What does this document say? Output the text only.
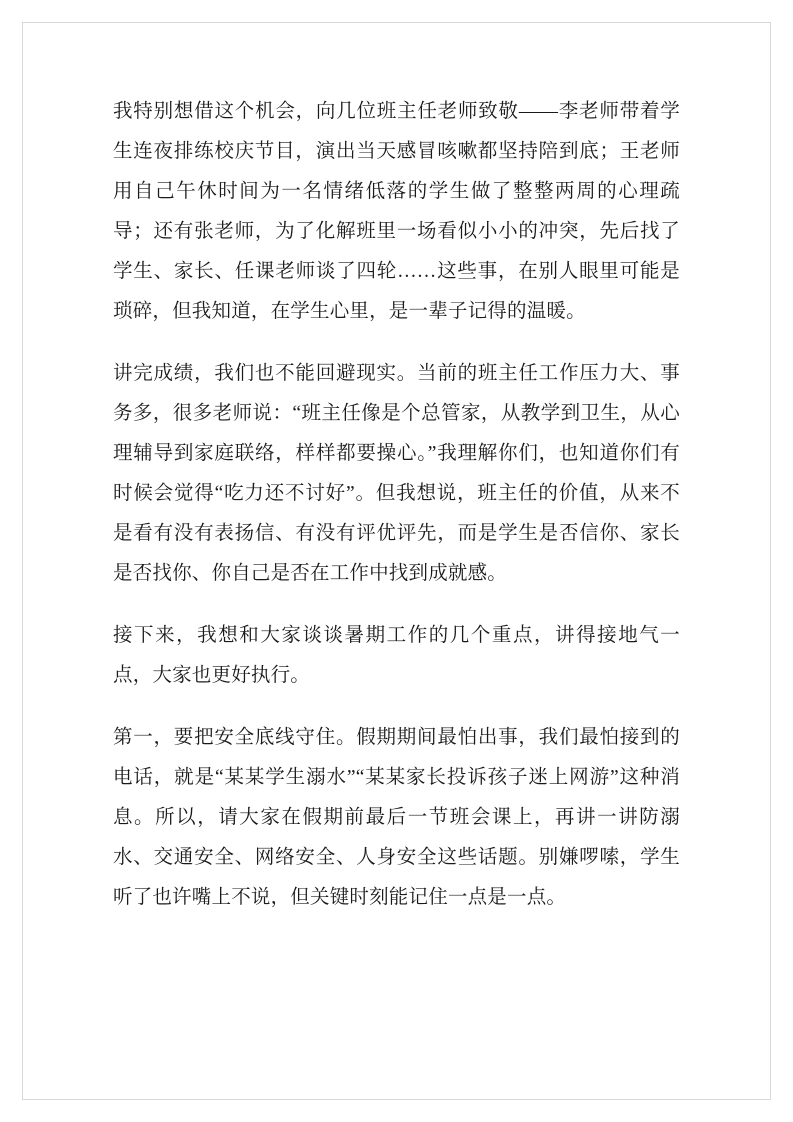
我特别想借这个机会，向几位班主任老师致敬——李老师带着学生连夜排练校庆节目，演出当天感冒咳嗽都坚持陪到底；王老师用自己午休时间为一名情绪低落的学生做了整整两周的心理疏导；还有张老师，为了化解班里一场看似小小的冲突，先后找了学生、家长、任课老师谈了四轮……这些事，在别人眼里可能是琐碎，但我知道，在学生心里，是一辈子记得的温暖。

讲完成绩，我们也不能回避现实。当前的班主任工作压力大、事务多，很多老师说：“班主任像是个总管家，从教学到卫生，从心理辅导到家庭联络，样样都要操心。”我理解你们，也知道你们有时候会觉得“吃力还不讨好”。但我想说，班主任的价值，从来不是看有没有表扬信、有没有评优评先，而是学生是否信你、家长是否找你、你自己是否在工作中找到成就感。

接下来，我想和大家谈谈暑期工作的几个重点，讲得接地气一点，大家也更好执行。

第一，要把安全底线守住。假期期间最怕出事，我们最怕接到的电话，就是“某某学生溺水”“某某家长投诉孩子迷上网游”这种消息。所以，请大家在假期前最后一节班会课上，再讲一讲防溺水、交通安全、网络安全、人身安全这些话题。别嫌啰嗦，学生听了也许嘴上不说，但关键时刻能记住一点是一点。
